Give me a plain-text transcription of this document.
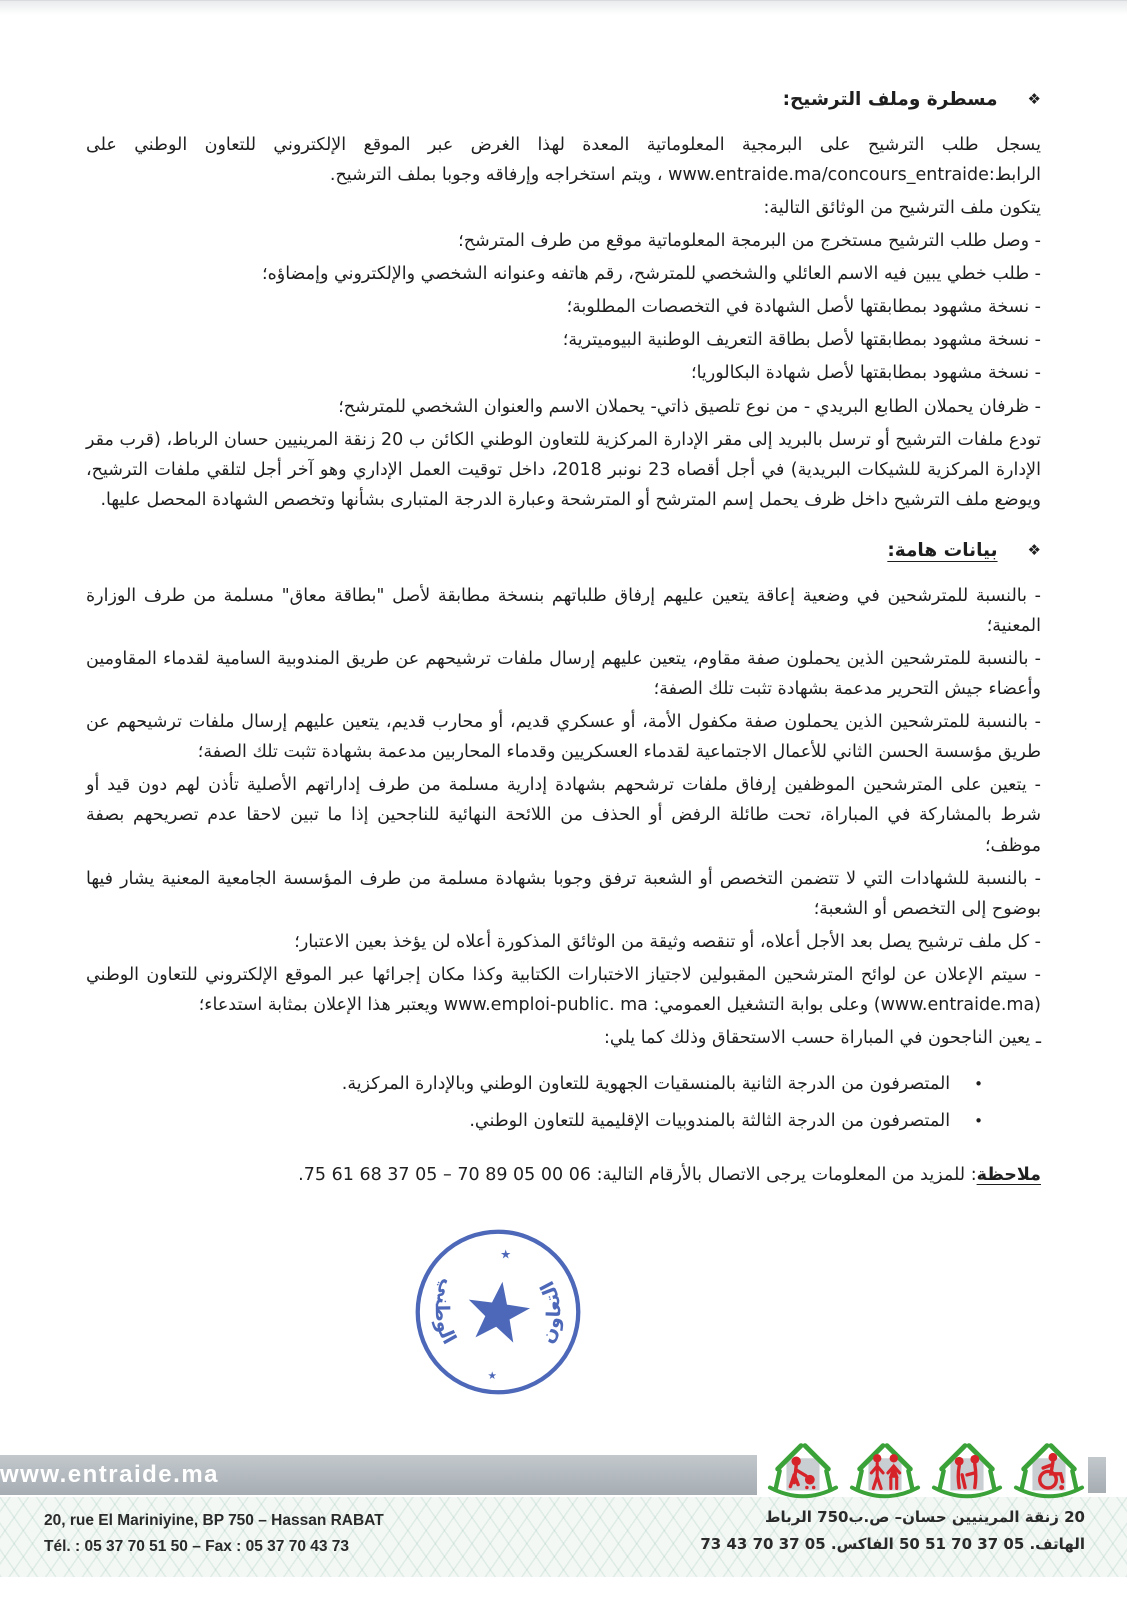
❖
مسطرة وملف الترشيح:

يسجل طلب الترشيح على البرمجية المعلوماتية المعدة لهذا الغرض عبر الموقع الإلكتروني للتعاون الوطني على الرابط:www.entraide.ma/concours_entraide ، ويتم استخراجه وإرفاقه وجوبا بملف الترشيح.

يتكون ملف الترشيح من الوثائق التالية:

- وصل طلب الترشيح مستخرج من البرمجة المعلوماتية موقع من طرف المترشح؛

- طلب خطي يبين فيه الاسم العائلي والشخصي للمترشح، رقم هاتفه وعنوانه الشخصي والإلكتروني وإمضاؤه؛

- نسخة مشهود بمطابقتها لأصل الشهادة في التخصصات المطلوبة؛

- نسخة مشهود بمطابقتها لأصل بطاقة التعريف الوطنية البيوميترية؛

- نسخة مشهود بمطابقتها لأصل شهادة البكالوريا؛

- ظرفان يحملان الطابع البريدي - من نوع تلصيق ذاتي- يحملان الاسم والعنوان الشخصي للمترشح؛

تودع ملفات الترشيح أو ترسل بالبريد إلى مقر الإدارة المركزية للتعاون الوطني الكائن ب 20 زنقة المرينيين حسان الرباط، (قرب مقر الإدارة المركزية للشيكات البريدية) في أجل أقصاه 23 نونبر 2018، داخل توقيت العمل الإداري وهو آخر أجل لتلقي ملفات الترشيح، ويوضع ملف الترشيح داخل ظرف يحمل إسم المترشح أو المترشحة وعبارة الدرجة المتبارى بشأنها وتخصص الشهادة المحصل عليها.

❖
بيانات هامة:

- بالنسبة للمترشحين في وضعية إعاقة يتعين عليهم إرفاق طلباتهم بنسخة مطابقة لأصل "بطاقة معاق" مسلمة من طرف الوزارة المعنية؛

- بالنسبة للمترشحين الذين يحملون صفة مقاوم، يتعين عليهم إرسال ملفات ترشيحهم عن طريق المندوبية السامية لقدماء المقاومين وأعضاء جيش التحرير مدعمة بشهادة تثبت تلك الصفة؛

- بالنسبة للمترشحين الذين يحملون صفة مكفول الأمة، أو عسكري قديم، أو محارب قديم، يتعين عليهم إرسال ملفات ترشيحهم عن طريق مؤسسة الحسن الثاني للأعمال الاجتماعية لقدماء العسكريين وقدماء المحاربين مدعمة بشهادة تثبت تلك الصفة؛

- يتعين على المترشحين الموظفين إرفاق ملفات ترشحهم بشهادة إدارية مسلمة من طرف إداراتهم الأصلية تأذن لهم دون قيد أو شرط بالمشاركة في المباراة، تحت طائلة الرفض أو الحذف من اللائحة النهائية للناجحين إذا ما تبين لاحقا عدم تصريحهم بصفة موظف؛

- بالنسبة للشهادات التي لا تتضمن التخصص أو الشعبة ترفق وجوبا بشهادة مسلمة من طرف المؤسسة الجامعية المعنية يشار فيها بوضوح إلى التخصص أو الشعبة؛

- كل ملف ترشيح يصل بعد الأجل أعلاه، أو تنقصه وثيقة من الوثائق المذكورة أعلاه لن يؤخذ بعين الاعتبار؛

- سيتم الإعلان عن لوائح المترشحين المقبولين لاجتياز الاختبارات الكتابية وكذا مكان إجرائها عبر الموقع الإلكتروني للتعاون الوطني (www.entraide.ma) وعلى بوابة التشغيل العمومي: www.emploi-public. ma ويعتبر هذا الإعلان بمثابة استدعاء؛

ـ يعين الناجحون في المباراة حسب الاستحقاق وذلك كما يلي:

•
المتصرفون من الدرجة الثانية بالمنسقيات الجهوية للتعاون الوطني وبالإدارة المركزية.
•
المتصرفون من الدرجة الثالثة بالمندوبيات الإقليمية للتعاون الوطني.

ملاحظة: للمزيد من المعلومات يرجى الاتصال بالأرقام التالية: 06 00 05 89 70 – 05 37 68 61 75.

★
★
التعاون
الوطني
www.entraide.ma
20, rue El Mariniyine, BP 750 – Hassan RABAT
Tél. : 05 37 70 51 50 – Fax : 05 37 70 43 73
20 زنقة المرينيين حسان– ص.ب750 الرباط
الهاتف. 05 37 70 51 50 الفاكس. 05 37 70 43 73
